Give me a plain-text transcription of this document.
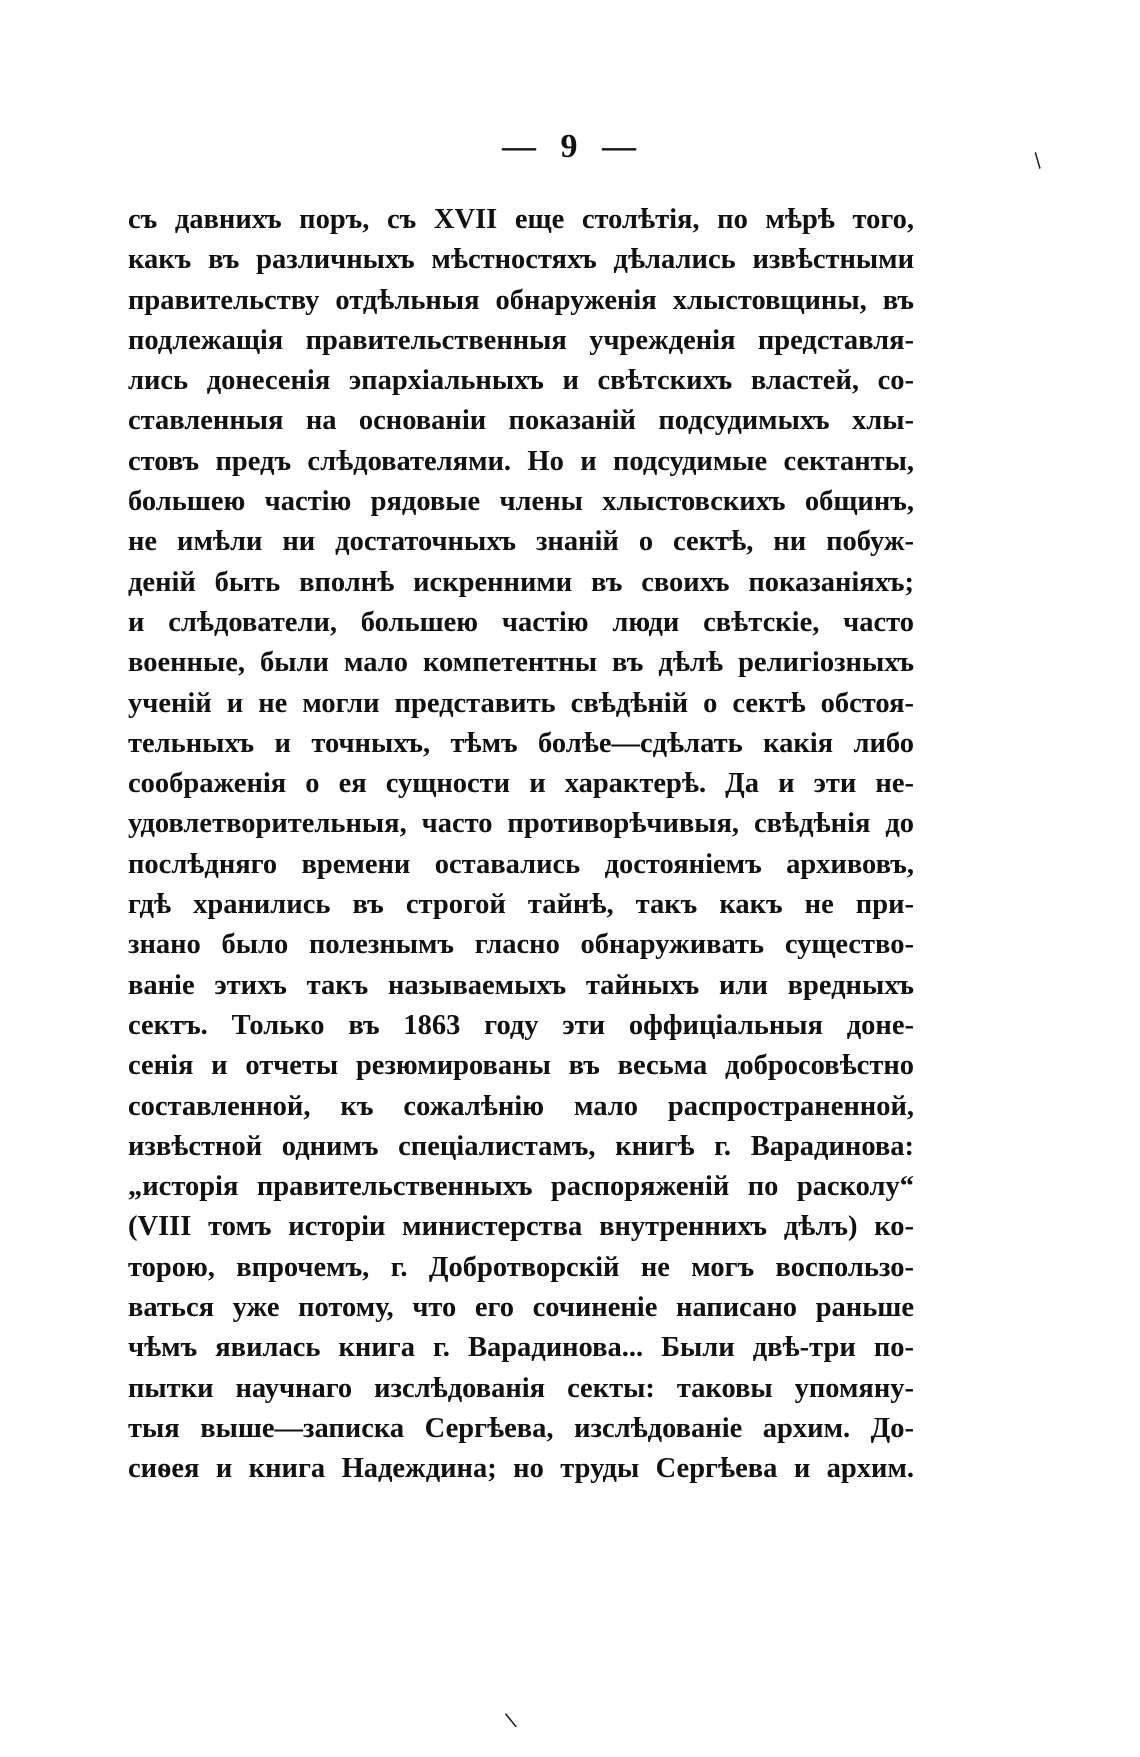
— 9 —	/
съ давнихъ поръ, съ XVII еще столѣтія, по мѣрѣ того,
какъ въ различныхъ мѣстностяхъ дѣлались извѣстными
правительству отдѣльныя обнаруженія хлыстовщины, въ
подлежащія правительственныя учрежденія представля-
лись донесенія эпархіальныхъ и свѣтскихъ властей, со-
ставленныя на основаніи показаній подсудимыхъ хлы-
стовъ предъ слѣдователями. Но и подсудимые сектанты,
большею частію рядовые члены хлыстовскихъ общинъ,
не имѣли ни достаточныхъ знаній о сектѣ, ни побуж-
деній быть вполнѣ искренними въ своихъ показаніяхъ;
и слѣдователи, большею частію люди свѣтскіе, часто
военные, были мало компетентны въ дѣлѣ религіозныхъ
ученій и не могли представить свѣдѣній о сектѣ обстоя-
тельныхъ и точныхъ, тѣмъ болѣе—сдѣлать какія либо
соображенія о ея сущности и характерѣ. Да и эти не-
удовлетворительныя, часто противорѣчивыя, свѣдѣнія до
послѣдняго времени оставались достояніемъ архивовъ,
гдѣ хранились въ строгой тайнѣ, такъ какъ не при-
знано было полезнымъ гласно обнаруживать существо-
ваніе этихъ такъ называемыхъ тайныхъ или вредныхъ
сектъ. Только въ 1863 году эти оффиціальныя доне-
сенія и отчеты резюмированы въ весьма добросовѣстно
составленной, къ сожалѣнію мало распространенной,
извѣстной однимъ спеціалистамъ, книгѣ г. Варадинова:
„исторія правительственныхъ распоряженій по расколу“
(VIII томъ исторіи министерства внутреннихъ дѣлъ) ко-
торою, впрочемъ, г. Добротворскій не могъ воспользо-
ваться уже потому, что его сочиненіе написано раньше
чѣмъ явилась книга г. Варадинова... Были двѣ-три по-
пытки научнаго изслѣдованія секты: таковы упомяну-
тыя выше—записка Сергѣева, изслѣдованіе архим. До-
сиѳея и книга Надеждина; но труды Сергѣева и архим.
\
